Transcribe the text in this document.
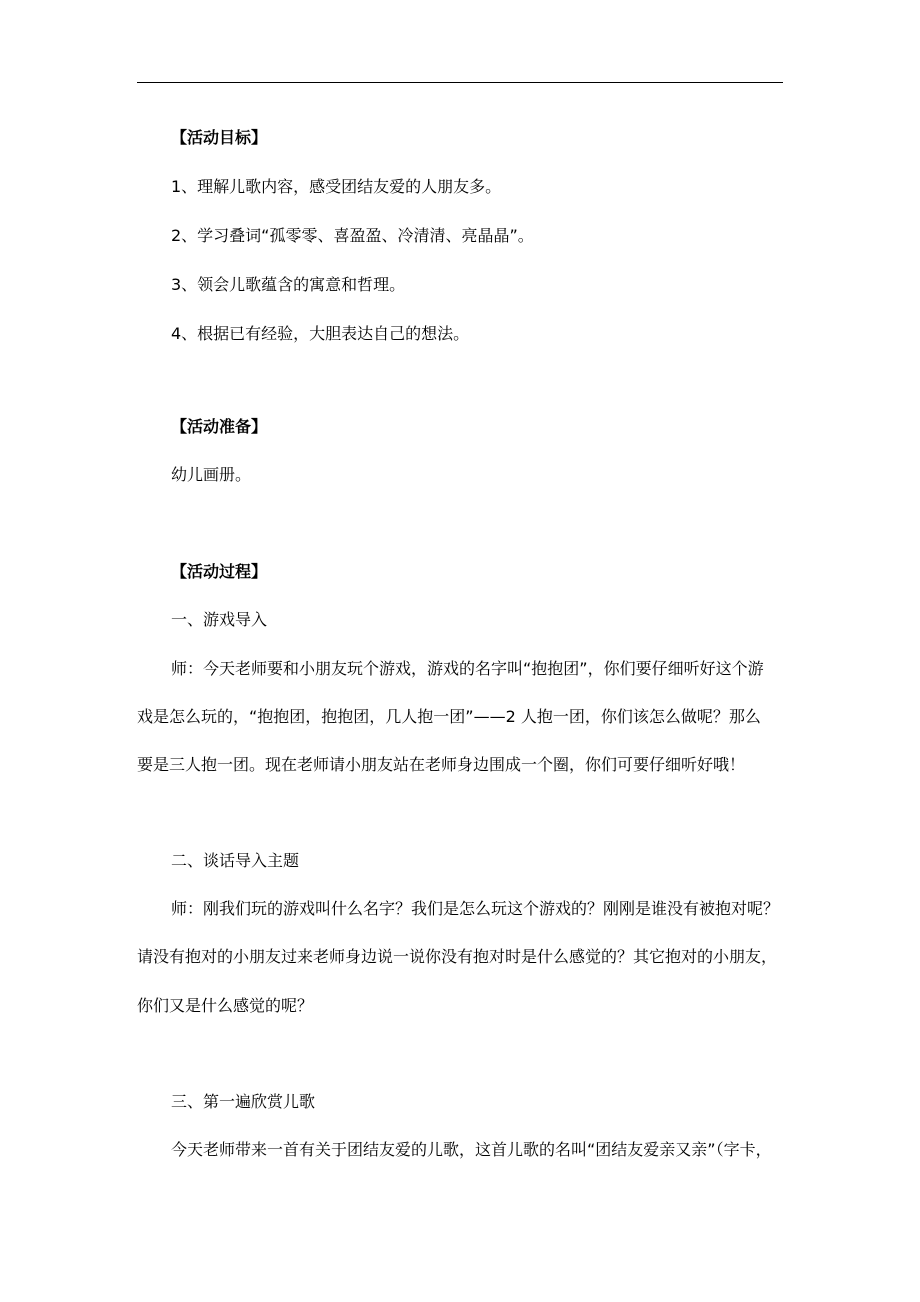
【活动目标】
1、理解儿歌内容，感受团结友爱的人朋友多。
2、学习叠词“孤零零、喜盈盈、冷清清、亮晶晶”。
3、领会儿歌蕴含的寓意和哲理。
4、根据已有经验，大胆表达自己的想法。
【活动准备】
幼儿画册。
【活动过程】
一、游戏导入
师：今天老师要和小朋友玩个游戏，游戏的名字叫“抱抱团”，你们要仔细听好这个游
戏是怎么玩的，“抱抱团，抱抱团，几人抱一团”——2 人抱一团，你们该怎么做呢？那么
要是三人抱一团。现在老师请小朋友站在老师身边围成一个圈，你们可要仔细听好哦！
二、谈话导入主题
师：刚我们玩的游戏叫什么名字？我们是怎么玩这个游戏的？刚刚是谁没有被抱对呢？
请没有抱对的小朋友过来老师身边说一说你没有抱对时是什么感觉的？其它抱对的小朋友，
你们又是什么感觉的呢？
三、第一遍欣赏儿歌
今天老师带来一首有关于团结友爱的儿歌，这首儿歌的名叫“团结友爱亲又亲”（字卡，
